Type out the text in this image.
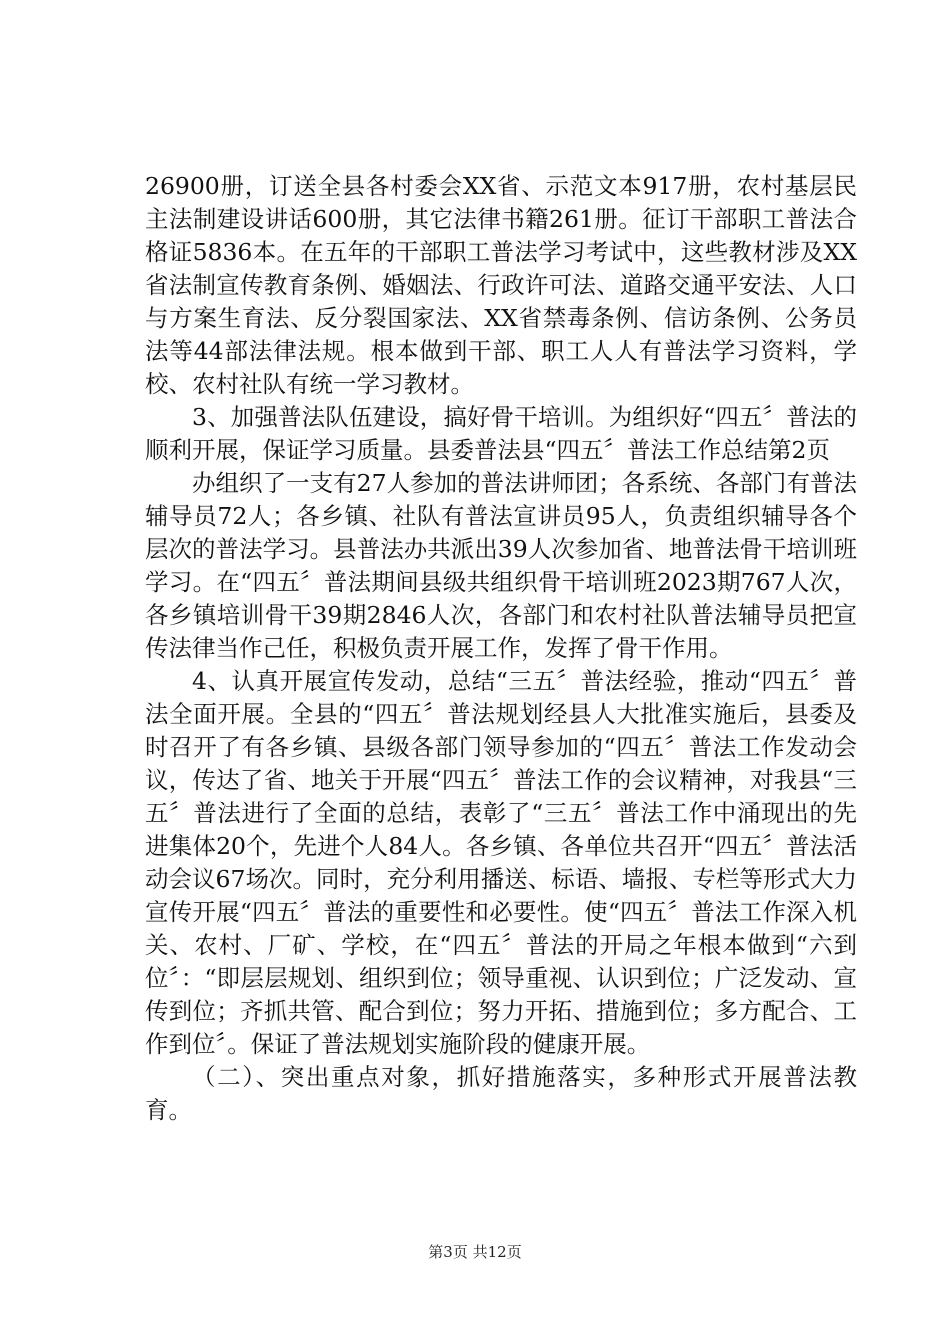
26900册，订送全县各村委会XX省、示范文本917册，农村基层民主法制建设讲话600册，其它法律书籍261册。征订干部职工普法合格证5836本。在五年的干部职工普法学习考试中，这些教材涉及XX省法制宣传教育条例、婚姻法、行政许可法、道路交通平安法、人口与方案生育法、反分裂国家法、XX省禁毒条例、信访条例、公务员法等44部法律法规。根本做到干部、职工人人有普法学习资料，学校、农村社队有统一学习教材。

3、加强普法队伍建设，搞好骨干培训。为组织好“四五〞普法的顺利开展，保证学习质量。县委普法县“四五〞普法工作总结第2页

办组织了一支有27人参加的普法讲师团；各系统、各部门有普法辅导员72人；各乡镇、社队有普法宣讲员95人，负责组织辅导各个层次的普法学习。县普法办共派出39人次参加省、地普法骨干培训班学习。在“四五〞普法期间县级共组织骨干培训班2023期767人次，各乡镇培训骨干39期2846人次，各部门和农村社队普法辅导员把宣传法律当作己任，积极负责开展工作，发挥了骨干作用。

4、认真开展宣传发动，总结“三五〞普法经验，推动“四五〞普法全面开展。全县的“四五〞普法规划经县人大批准实施后，县委及时召开了有各乡镇、县级各部门领导参加的“四五〞普法工作发动会议，传达了省、地关于开展“四五〞普法工作的会议精神，对我县“三五〞普法进行了全面的总结，表彰了“三五〞普法工作中涌现出的先进集体20个，先进个人84人。各乡镇、各单位共召开“四五〞普法活动会议67场次。同时，充分利用播送、标语、墙报、专栏等形式大力宣传开展“四五〞普法的重要性和必要性。使“四五〞普法工作深入机关、农村、厂矿、学校，在“四五〞普法的开局之年根本做到“六到位〞：“即层层规划、组织到位；领导重视、认识到位；广泛发动、宣传到位；齐抓共管、配合到位；努力开拓、措施到位；多方配合、工作到位〞。保证了普法规划实施阶段的健康开展。

（二）、突出重点对象，抓好措施落实，多种形式开展普法教育。

第3页 共12页
